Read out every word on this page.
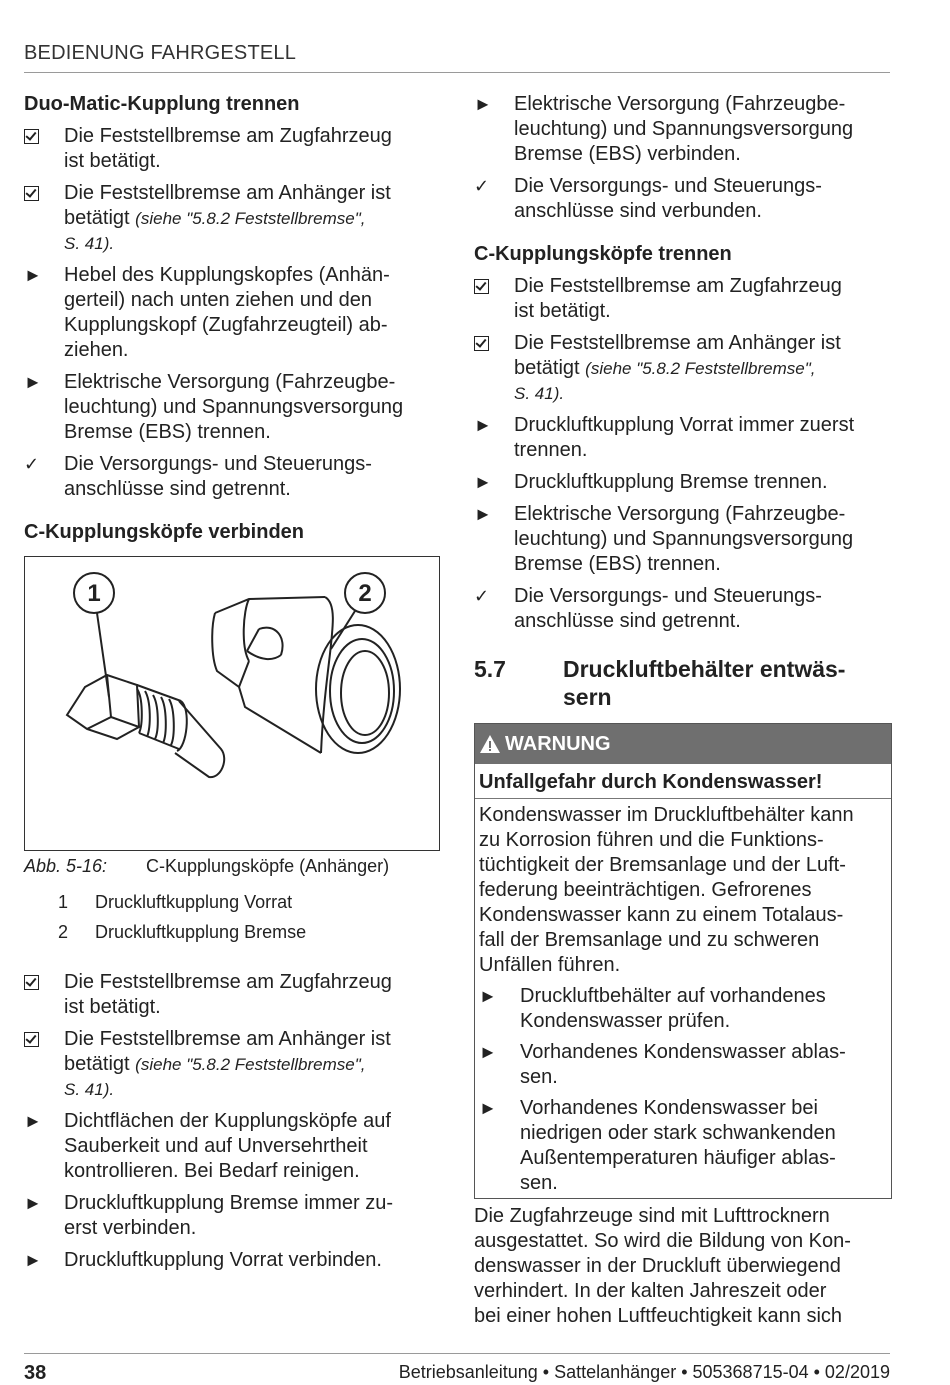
BEDIENUNG FAHRGESTELL
Duo-Matic-Kupplung trennen
Die Feststellbremse am Zugfahrzeug
ist betätigt.
Die Feststellbremse am Anhänger ist
betätigt (siehe "5.8.2 Feststellbremse",
S. 41).
►	Hebel des Kupplungskopfes (Anhän-
gerteil) nach unten ziehen und den
Kupplungskopf (Zugfahrzeugteil) ab-
ziehen.
►	Elektrische Versorgung (Fahrzeugbe-
leuchtung) und Spannungsversorgung
Bremse (EBS) trennen.
✓	Die Versorgungs- und Steuerungs-
anschlüsse sind getrennt.
C-Kupplungsköpfe verbinden
1	2
Abb. 5-16: C-Kupplungsköpfe (Anhänger)
1 Druckluftkupplung Vorrat
2 Druckluftkupplung Bremse
Die Feststellbremse am Zugfahrzeug
ist betätigt.
Die Feststellbremse am Anhänger ist
betätigt (siehe "5.8.2 Feststellbremse",
S. 41).
►	Dichtflächen der Kupplungsköpfe auf
Sauberkeit und auf Unversehrtheit
kontrollieren. Bei Bedarf reinigen.
►	Druckluftkupplung Bremse immer zu-
erst verbinden.
►	Druckluftkupplung Vorrat verbinden.
►	Elektrische Versorgung (Fahrzeugbe-
leuchtung) und Spannungsversorgung
Bremse (EBS) verbinden.
✓	Die Versorgungs- und Steuerungs-
anschlüsse sind verbunden.
C-Kupplungsköpfe trennen
Die Feststellbremse am Zugfahrzeug
ist betätigt.
Die Feststellbremse am Anhänger ist
betätigt (siehe "5.8.2 Feststellbremse",
S. 41).
►	Druckluftkupplung Vorrat immer zuerst
trennen.
►	Druckluftkupplung Bremse trennen.
►	Elektrische Versorgung (Fahrzeugbe-
leuchtung) und Spannungsversorgung
Bremse (EBS) trennen.
✓	Die Versorgungs- und Steuerungs-
anschlüsse sind getrennt.
5.7 Druckluftbehälter entwäs-
sern
WARNUNG
Unfallgefahr durch Kondenswasser!
Kondenswasser im Druckluftbehälter kann
zu Korrosion führen und die Funktions-
tüchtigkeit der Bremsanlage und der Luft-
federung beeinträchtigen. Gefrorenes
Kondenswasser kann zu einem Totalaus-
fall der Bremsanlage und zu schweren
Unfällen führen.
►	Druckluftbehälter auf vorhandenes
Kondenswasser prüfen.
►	Vorhandenes Kondenswasser ablas-
sen.
►	Vorhandenes Kondenswasser bei
niedrigen oder stark schwankenden
Außentemperaturen häufiger ablas-
sen.
Die Zugfahrzeuge sind mit Lufttrocknern
ausgestattet. So wird die Bildung von Kon-
denswasser in der Druckluft überwiegend
verhindert. In der kalten Jahreszeit oder
bei einer hohen Luftfeuchtigkeit kann sich
38	Betriebsanleitung • Sattelanhänger • 505368715-04 • 02/2019
